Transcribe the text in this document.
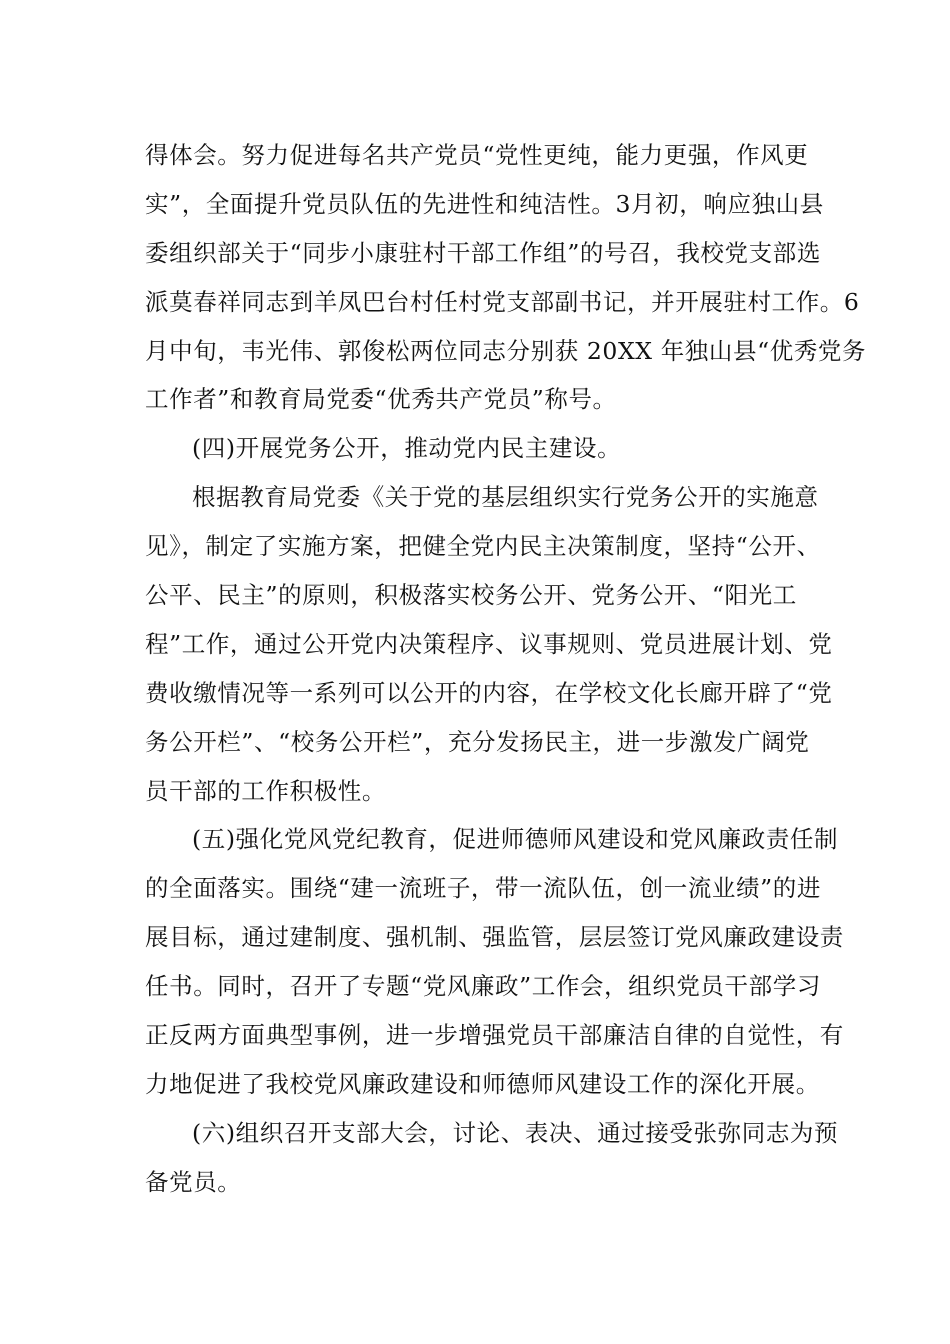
得体会。努力促进每名共产党员“党性更纯，能力更强，作风更
实”，全面提升党员队伍的先进性和纯洁性。3月初，响应独山县
委组织部关于“同步小康驻村干部工作组”的号召，我校党支部选
派莫春祥同志到羊凤巴台村任村党支部副书记，并开展驻村工作。6
月中旬，韦光伟、郭俊松两位同志分别获 20XX 年独山县“优秀党务
工作者”和教育局党委“优秀共产党员”称号。
(四)开展党务公开，推动党内民主建设。
根据教育局党委《关于党的基层组织实行党务公开的实施意
见》，制定了实施方案，把健全党内民主决策制度，坚持“公开、
公平、民主”的原则，积极落实校务公开、党务公开、“阳光工
程”工作，通过公开党内决策程序、议事规则、党员进展计划、党
费收缴情况等一系列可以公开的内容，在学校文化长廊开辟了“党
务公开栏”、“校务公开栏”，充分发扬民主，进一步激发广阔党
员干部的工作积极性。
(五)强化党风党纪教育，促进师德师风建设和党风廉政责任制
的全面落实。围绕“建一流班子，带一流队伍，创一流业绩”的进
展目标，通过建制度、强机制、强监管，层层签订党风廉政建设责
任书。同时，召开了专题“党风廉政”工作会，组织党员干部学习
正反两方面典型事例，进一步增强党员干部廉洁自律的自觉性，有
力地促进了我校党风廉政建设和师德师风建设工作的深化开展。
(六)组织召开支部大会，讨论、表决、通过接受张弥同志为预
备党员。
